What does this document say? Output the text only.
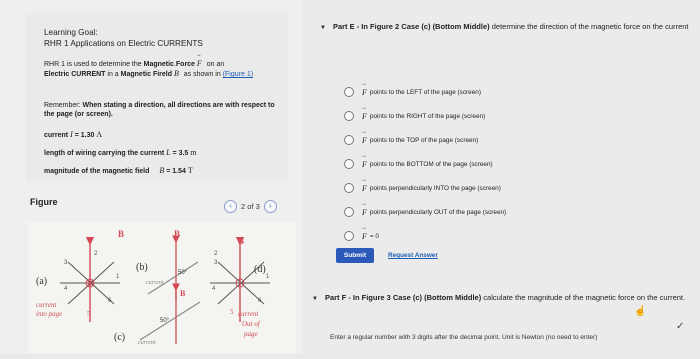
Learning Goal:
RHR 1 Applications on Electric CURRENTS
RHR 1 is used to determine the Magnetic Force → F on an
Electric CURRENT in a Magnetic Fireld → B as shown in (Figure 1)
Remember: When stating a direction, all directions are with respect to the page (or screen).
current I = 1.30 A
length of wiring carrying the current L = 3.5 m
magnitude of the magnetic field B = 1.54 T
Figure	‹	2 of 3	›
(a)
current
into page	5
B
2
3
1
4
6
(b)	50°
current
B
B
50°
(c) current
(d)
5 current
Out of
page
B
2
3
1
4
6
▼ Part E - In Figure 2 Case (c) (Bottom Middle) determine the direction of the magnetic force on the current
→ F points to the LEFT of the page (screen)
→ F points to the RIGHT of the page (screen)
→ F points to the TOP of the page (screen)
→ F points to the BOTTOM of the page (screen)
→ F points perpendicularly INTO the page (screen)
→ F points perpendicularly OUT of the page (screen)
→ F = 0
Submit	Request Answer
▼ Part F - In Figure 3 Case (c) (Bottom Middle) calculate the magnitude of the magnetic force on the current.
☝
✓
Enter a regular number with 3 digits after the decimal point. Unit is Newton (no need to enter)
